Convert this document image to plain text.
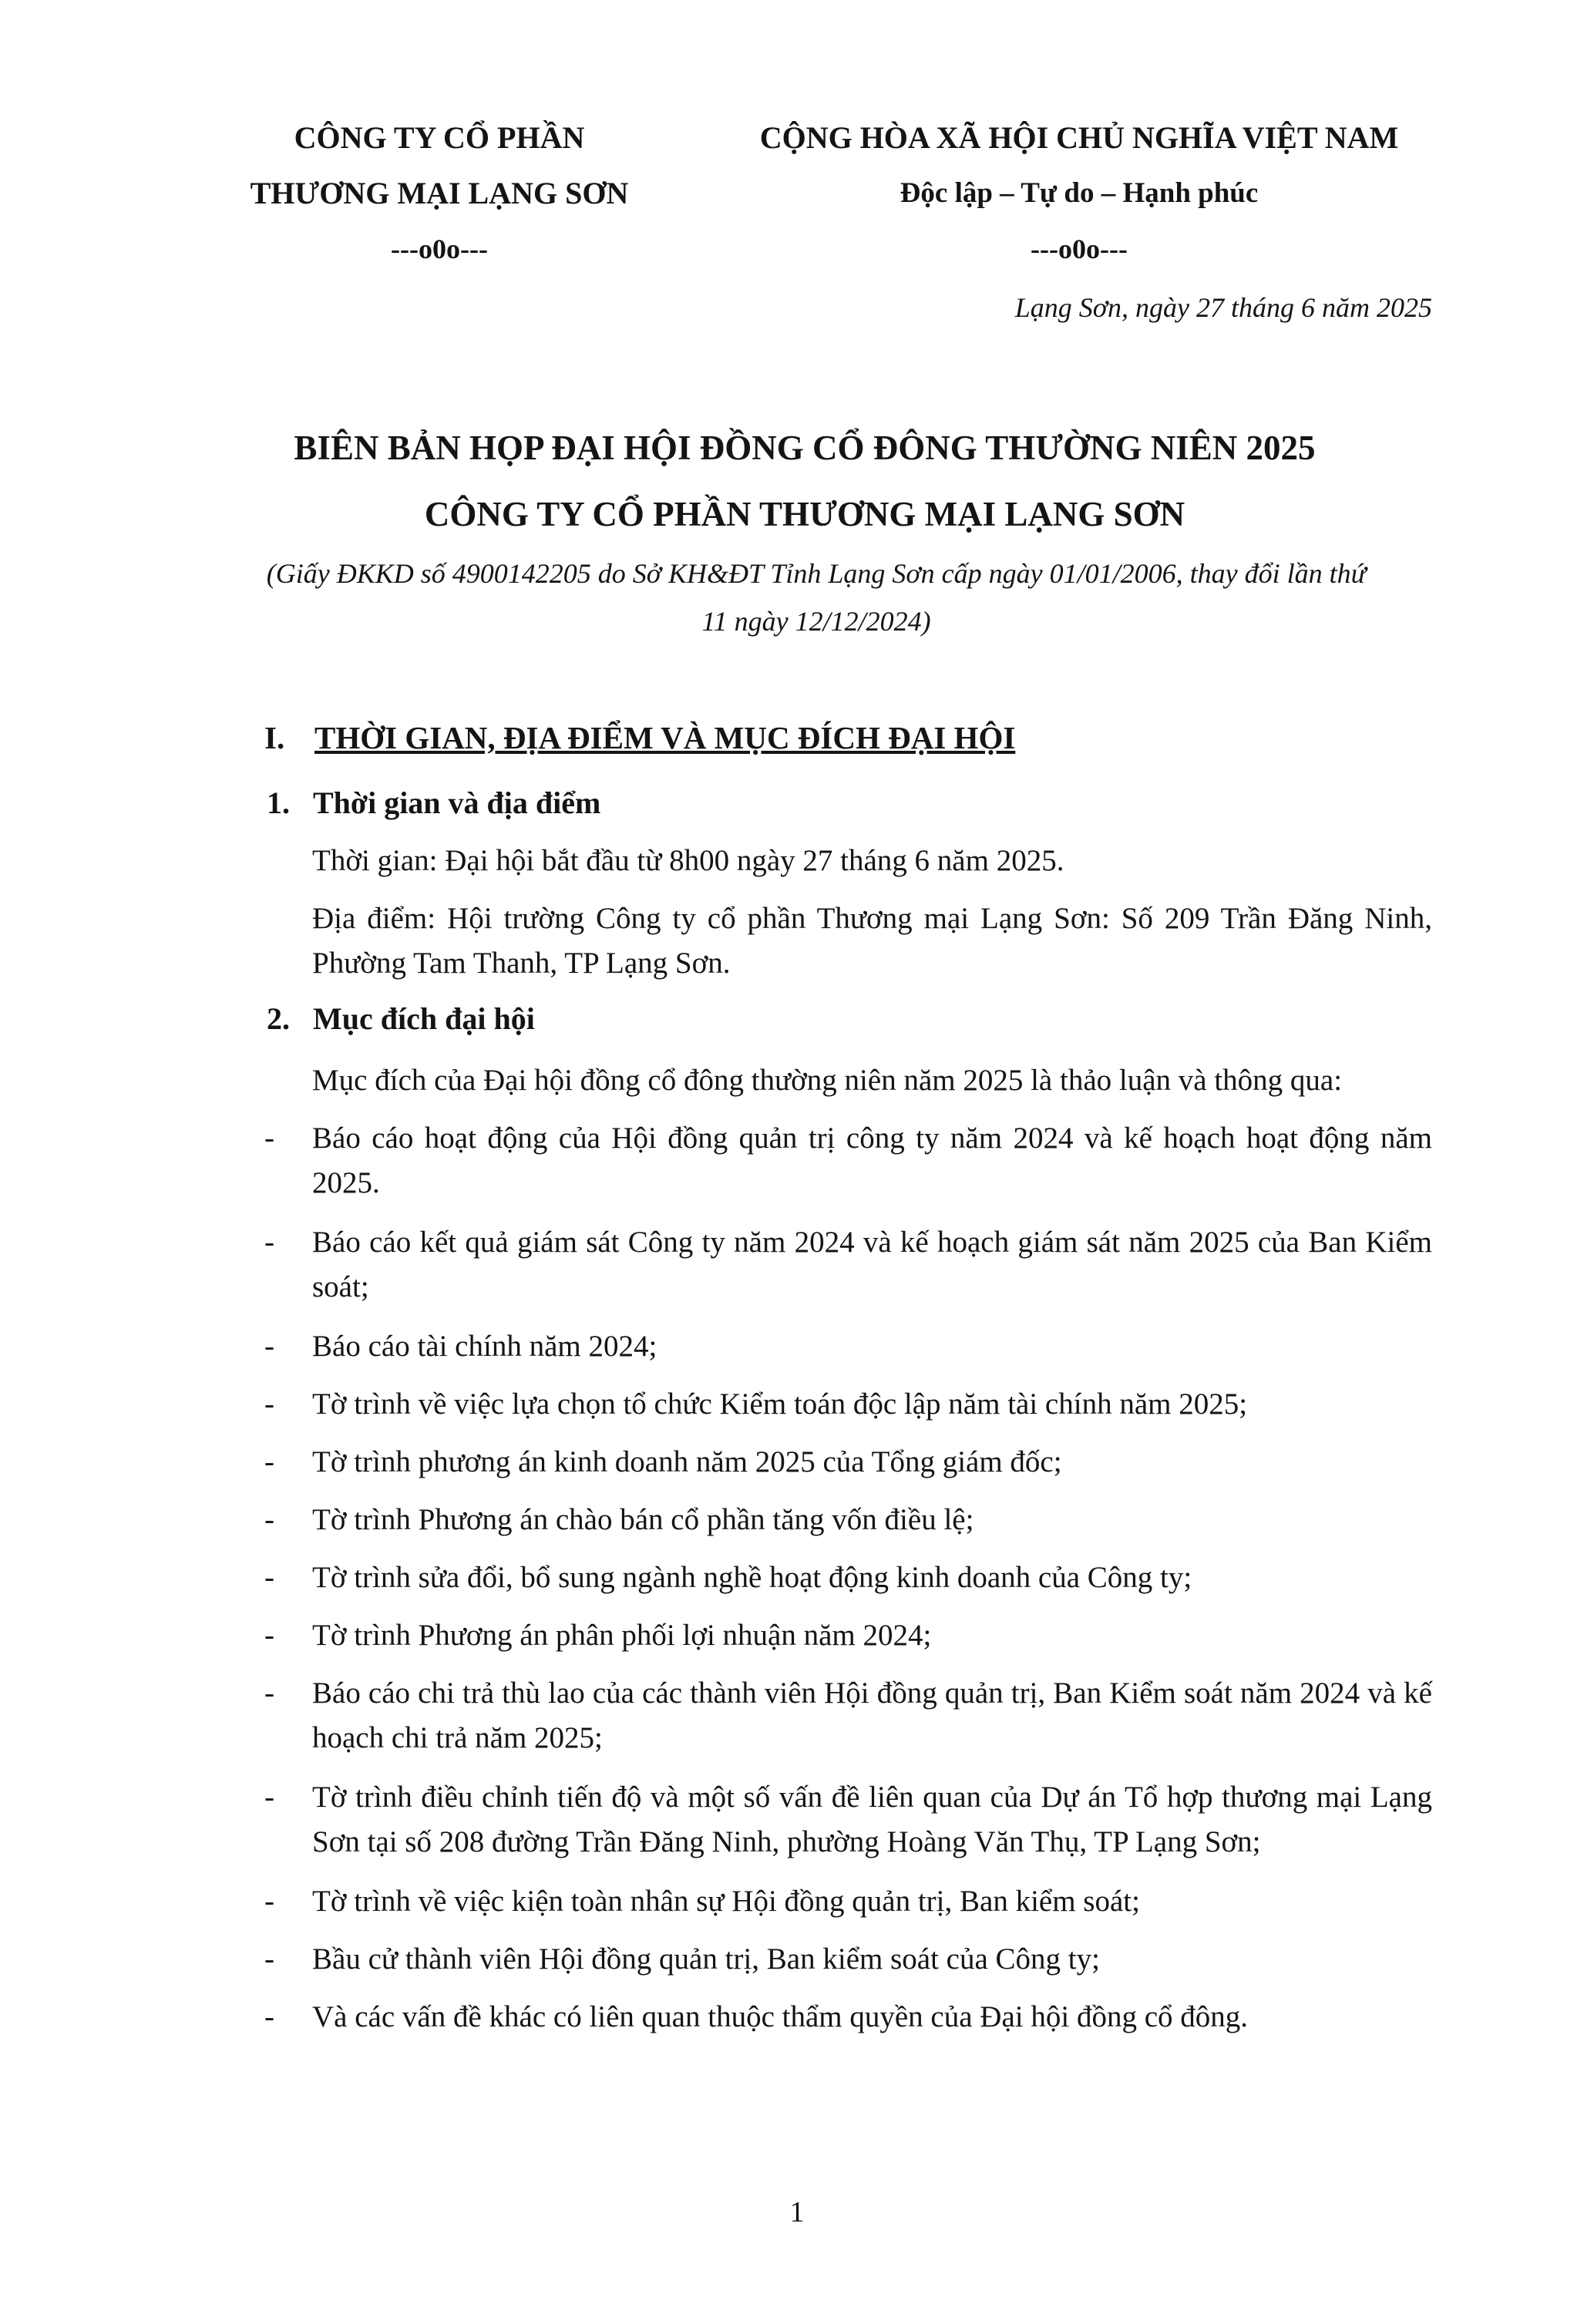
CÔNG TY CỔ PHẦN
THƯƠNG MẠI LẠNG SƠN
---o0o---
CỘNG HÒA XÃ HỘI CHỦ NGHĨA VIỆT NAM
Độc lập – Tự do – Hạnh phúc
---o0o---
Lạng Sơn, ngày 27 tháng 6 năm 2025
BIÊN BẢN HỌP ĐẠI HỘI ĐỒNG CỔ ĐÔNG THƯỜNG NIÊN 2025
CÔNG TY CỔ PHẦN THƯƠNG MẠI LẠNG SƠN
(Giấy ĐKKD số 4900142205 do Sở KH&ĐT Tỉnh Lạng Sơn cấp ngày 01/01/2006, thay đổi lần thứ
11 ngày 12/12/2024)
I. THỜI GIAN, ĐỊA ĐIỂM VÀ MỤC ĐÍCH ĐẠI HỘI
1. Thời gian và địa điểm
Thời gian: Đại hội bắt đầu từ 8h00 ngày 27 tháng 6 năm 2025.
Địa điểm: Hội trường Công ty cổ phần Thương mại Lạng Sơn: Số 209 Trần Đăng Ninh, Phường Tam Thanh, TP Lạng Sơn.
2. Mục đích đại hội
Mục đích của Đại hội đồng cổ đông thường niên năm 2025 là thảo luận và thông qua:
- Báo cáo hoạt động của Hội đồng quản trị công ty năm 2024 và kế hoạch hoạt động năm 2025.
- Báo cáo kết quả giám sát Công ty năm 2024 và kế hoạch giám sát năm 2025 của Ban Kiểm soát;
- Báo cáo tài chính năm 2024;
- Tờ trình về việc lựa chọn tổ chức Kiểm toán độc lập năm tài chính năm 2025;
- Tờ trình phương án kinh doanh năm 2025 của Tổng giám đốc;
- Tờ trình Phương án chào bán cổ phần tăng vốn điều lệ;
- Tờ trình sửa đổi, bổ sung ngành nghề hoạt động kinh doanh của Công ty;
- Tờ trình Phương án phân phối lợi nhuận năm 2024;
- Báo cáo chi trả thù lao của các thành viên Hội đồng quản trị, Ban Kiểm soát năm 2024 và kế hoạch chi trả năm 2025;
- Tờ trình điều chỉnh tiến độ và một số vấn đề liên quan của Dự án Tổ hợp thương mại Lạng Sơn tại số 208 đường Trần Đăng Ninh, phường Hoàng Văn Thụ, TP Lạng Sơn;
- Tờ trình về việc kiện toàn nhân sự Hội đồng quản trị, Ban kiểm soát;
- Bầu cử thành viên Hội đồng quản trị, Ban kiểm soát của Công ty;
- Và các vấn đề khác có liên quan thuộc thẩm quyền của Đại hội đồng cổ đông.
1
